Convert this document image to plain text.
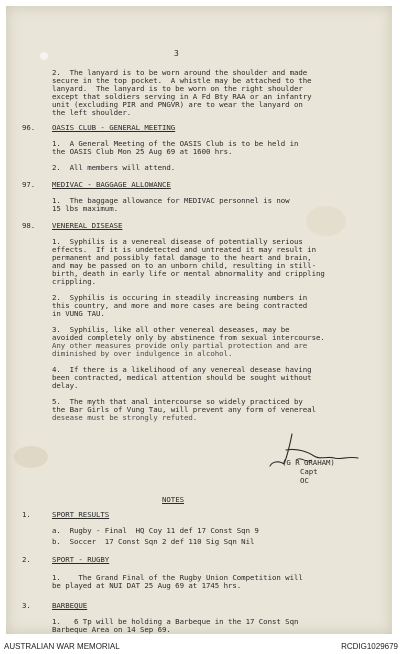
3

2.  The lanyard is to be worn around the shoulder and made

secure in the top pocket.  A whistle may be attached to the

lanyard.  The lanyard is to be worn on the right shoulder

except that soldiers serving in A Fd Bty RAA or an infantry

unit (excluding PIR and PNGVR) are to wear the lanyard on

the left shoulder.

96. OASIS CLUB - GENERAL MEETING

1.  A General Meeting of the OASIS Club is to be held in

the OASIS Club Mon 25 Aug 69 at 1600 hrs.

2.  All members will attend.

97. MEDIVAC - BAGGAGE ALLOWANCE

1.  The baggage allowance for MEDIVAC personnel is now

15 lbs maximum.

98. VENEREAL DISEASE

1.  Syphilis is a venereal disease of potentially serious

effects.  If it is undetected and untreated it may result in

permanent and possibly fatal damage to the heart and brain,

and may be passed on to an unborn child, resulting in still-

birth, death in early life or mental abnormality and crippling

crippling.

2.  Syphilis is occuring in steadily increasing numbers in

this country, and more and more cases are being contracted

in VUNG TAU.

3.  Syphilis, like all other venereal deseases, may be

avoided completely only by abstinence from sexual intercourse.

Any other measures provide only partial protection and are

diminished by over indulgence in alcohol.

4.  If there is a likelihood of any venereal desease having

been contracted, medical attention should be sought without

delay.

5.  The myth that anal intercourse so widely practiced by

the Bar Girls of Vung Tau, will prevent any form of venereal

desease must be strongly refuted.

(G R GRAHAM)

Capt

OC

NOTES

1.	SPORT RESULTS

a.  Rugby - Final  HQ Coy 11 def 17 Const Sqn 9

b.  Soccer  17 Const Sqn 2 def 110 Sig Sqn Nil

2.	SPORT - RUGBY

1.    The Grand Final of the Rugby Union Competition will

be played at NUI DAT 25 Aug 69 at 1745 hrs.

3.	BARBEQUE

1.   6 Tp will be holding a Barbeque in the 17 Const Sqn

Barbeque Area on 14 Sep 69.

AUSTRALIAN WAR MEMORIAL	RCDIG1029679
